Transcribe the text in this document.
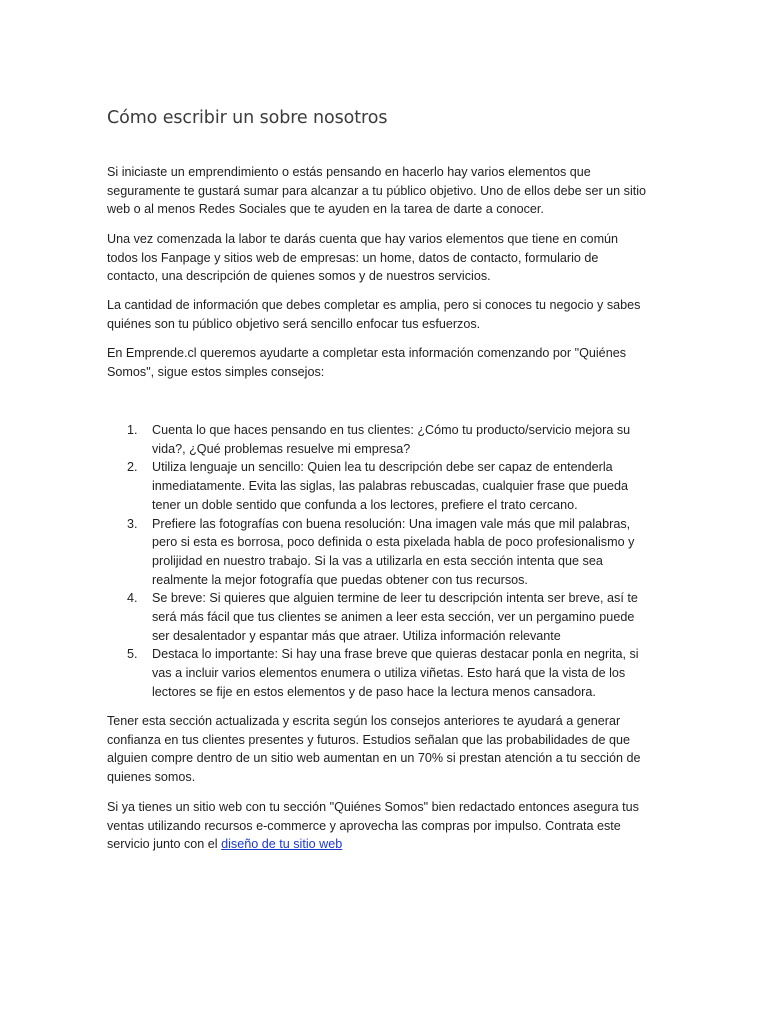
Cómo escribir un sobre nosotros

Si iniciaste un emprendimiento o estás pensando en hacerlo hay varios elementos que seguramente te gustará sumar para alcanzar a tu público objetivo. Uno de ellos debe ser un sitio web o al menos Redes Sociales que te ayuden en la tarea de darte a conocer.

Una vez comenzada la labor te darás cuenta que hay varios elementos que tiene en común todos los Fanpage y sitios web de empresas: un home, datos de contacto, formulario de contacto, una descripción de quienes somos y de nuestros servicios.

La cantidad de información que debes completar es amplia, pero si conoces tu negocio y sabes quiénes son tu público objetivo será sencillo enfocar tus esfuerzos.

En Emprende.cl queremos ayudarte a completar esta información comenzando por "Quiénes Somos", sigue estos simples consejos:

1. Cuenta lo que haces pensando en tus clientes: ¿Cómo tu producto/servicio mejora su vida?, ¿Qué problemas resuelve mi empresa?
2. Utiliza lenguaje un sencillo: Quien lea tu descripción debe ser capaz de entenderla inmediatamente. Evita las siglas, las palabras rebuscadas, cualquier frase que pueda tener un doble sentido que confunda a los lectores, prefiere el trato cercano.
3. Prefiere las fotografías con buena resolución: Una imagen vale más que mil palabras, pero si esta es borrosa, poco definida o esta pixelada habla de poco profesionalismo y prolijidad en nuestro trabajo. Si la vas a utilizarla en esta sección intenta que sea realmente la mejor fotografía que puedas obtener con tus recursos.
4. Se breve: Si quieres que alguien termine de leer tu descripción intenta ser breve, así te será más fácil que tus clientes se animen a leer esta sección, ver un pergamino puede ser desalentador y espantar más que atraer. Utiliza información relevante
5. Destaca lo importante: Si hay una frase breve que quieras destacar ponla en negrita, si vas a incluir varios elementos enumera o utiliza viñetas. Esto hará que la vista de los lectores se fije en estos elementos y de paso hace la lectura menos cansadora.

Tener esta sección actualizada y escrita según los consejos anteriores te ayudará a generar confianza en tus clientes presentes y futuros. Estudios señalan que las probabilidades de que alguien compre dentro de un sitio web aumentan en un 70% si prestan atención a tu sección de quienes somos.

Si ya tienes un sitio web con tu sección "Quiénes Somos" bien redactado entonces asegura tus ventas utilizando recursos e-commerce y aprovecha las compras por impulso. Contrata este servicio junto con el diseño de tu sitio web
